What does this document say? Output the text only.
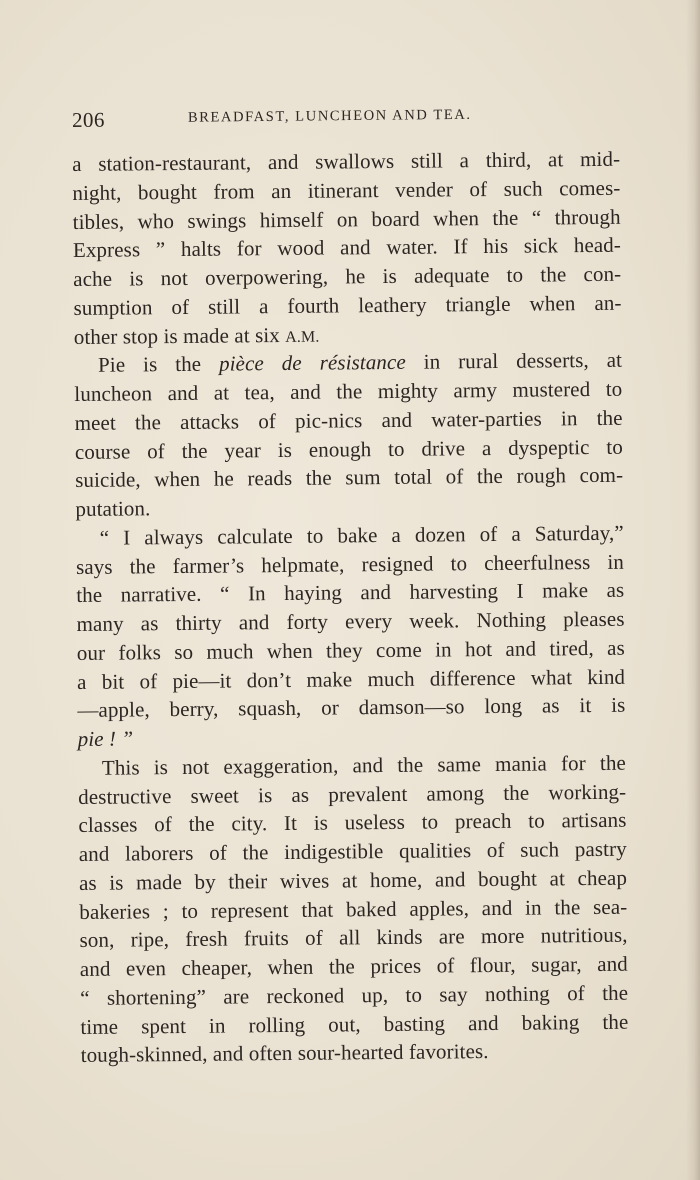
206	BREADFAST, LUNCHEON AND TEA.
a station-restaurant, and swallows still a third, at mid-
night, bought from an itinerant vender of such comes-
tibles, who swings himself on board when the “ through
Express ” halts for wood and water. If his sick head-
ache is not overpowering, he is adequate to the con-
sumption of still a fourth leathery triangle when an-
other stop is made at six A.M.
Pie is the pièce de résistance in rural desserts, at
luncheon and at tea, and the mighty army mustered to
meet the attacks of pic-nics and water-parties in the
course of the year is enough to drive a dyspeptic to
suicide, when he reads the sum total of the rough com-
putation.
“ I always calculate to bake a dozen of a Saturday,”
says the farmer’s helpmate, resigned to cheerfulness in
the narrative. “ In haying and harvesting I make as
many as thirty and forty every week. Nothing pleases
our folks so much when they come in hot and tired, as
a bit of pie—it don’t make much difference what kind
—apple, berry, squash, or damson—so long as it is
pie ! ”
This is not exaggeration, and the same mania for the
destructive sweet is as prevalent among the working-
classes of the city. It is useless to preach to artisans
and laborers of the indigestible qualities of such pastry
as is made by their wives at home, and bought at cheap
bakeries ; to represent that baked apples, and in the sea-
son, ripe, fresh fruits of all kinds are more nutritious,
and even cheaper, when the prices of flour, sugar, and
“ shortening” are reckoned up, to say nothing of the
time spent in rolling out, basting and baking the
tough-skinned, and often sour-hearted favorites.
